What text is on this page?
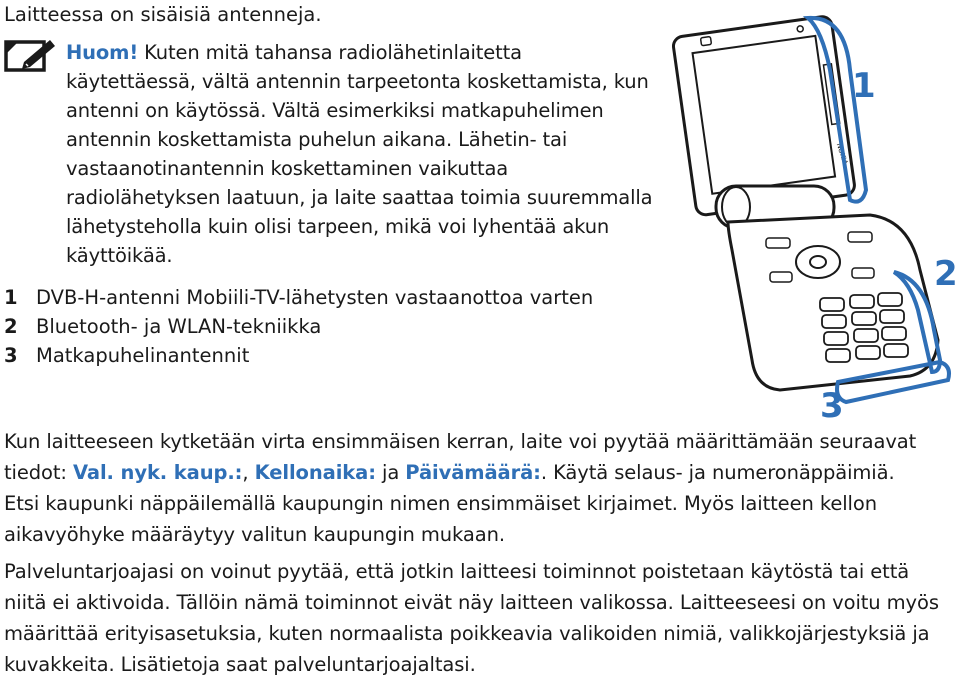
Laitteessa on sisäisiä antenneja.
Huom! Kuten mitä tahansa radiolähetinlaitetta
käytettäessä, vältä antennin tarpeetonta koskettamista, kun
antenni on käytössä. Vältä esimerkiksi matkapuhelimen
antennin koskettamista puhelun aikana. Lähetin- tai
vastaanotinantennin koskettaminen vaikuttaa
radiolähetyksen laatuun, ja laite saattaa toimia suuremmalla
lähetysteholla kuin olisi tarpeen, mikä voi lyhentää akun
käyttöikää.
1 DVB-H-antenni Mobiili-TV-lähetysten vastaanottoa varten
2 Bluetooth- ja WLAN-tekniikka
3 Matkapuhelinantennit
NOKIA
1
2
3
Kun laitteeseen kytketään virta ensimmäisen kerran, laite voi pyytää määrittämään seuraavat
tiedot: Val. nyk. kaup.:, Kellonaika: ja Päivämäärä:. Käytä selaus- ja numeronäppäimiä.
Etsi kaupunki näppäilemällä kaupungin nimen ensimmäiset kirjaimet. Myös laitteen kellon
aikavyöhyke määräytyy valitun kaupungin mukaan.
Palveluntarjoajasi on voinut pyytää, että jotkin laitteesi toiminnot poistetaan käytöstä tai että
niitä ei aktivoida. Tällöin nämä toiminnot eivät näy laitteen valikossa. Laitteeseesi on voitu myös
määrittää erityisasetuksia, kuten normaalista poikkeavia valikoiden nimiä, valikkojärjestyksiä ja
kuvakkeita. Lisätietoja saat palveluntarjoajaltasi.
